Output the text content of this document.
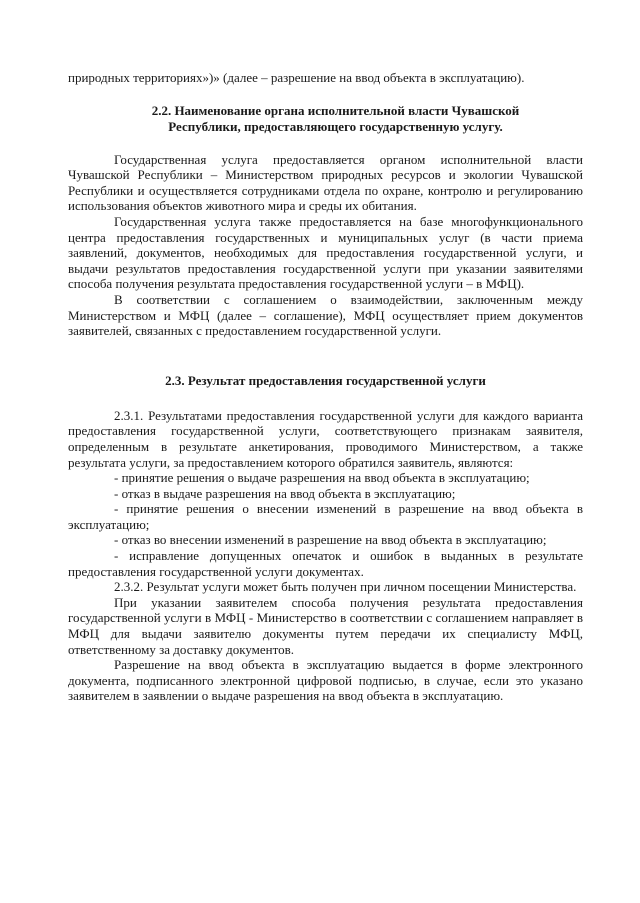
природных территориях»)» (далее – разрешение на ввод объекта в эксплуатацию).

2.2. Наименование органа исполнительной власти Чувашской
Республики, предоставляющего государственную услугу.

Государственная услуга предоставляется органом исполнительной власти Чувашской Республики – Министерством природных ресурсов и экологии Чувашской Республики и осуществляется сотрудниками отдела по охране, контролю и регулированию использования объектов животного мира и среды их обитания.

Государственная услуга также предоставляется на базе многофункционального центра предоставления государственных и муниципальных услуг (в части приема заявлений, документов, необходимых для предоставления государственной услуги, и выдачи результатов предоставления государственной услуги при указании заявителями способа получения результата предоставления государственной услуги – в МФЦ).

В соответствии с соглашением о взаимодействии, заключенным между Министерством и МФЦ (далее – соглашение), МФЦ осуществляет прием документов заявителей, связанных с предоставлением государственной услуги.

2.3. Результат предоставления государственной услуги

2.3.1. Результатами предоставления государственной услуги для каждого варианта предоставления государственной услуги, соответствующего признакам заявителя, определенным в результате анкетирования, проводимого Министерством, а также результата услуги, за предоставлением которого обратился заявитель, являются:

- принятие решения о выдаче разрешения на ввод объекта в эксплуатацию;

- отказ в выдаче разрешения на ввод объекта в эксплуатацию;

- принятие решения о внесении изменений в разрешение на ввод объекта в эксплуатацию;

- отказ во внесении изменений в разрешение на ввод объекта в эксплуатацию;

- исправление допущенных опечаток и ошибок в выданных в результате предоставления государственной услуги документах.

2.3.2. Результат услуги может быть получен при личном посещении Министерства.

При указании заявителем способа получения результата предоставления государственной услуги в МФЦ - Министерство в соответствии с соглашением направляет в МФЦ для выдачи заявителю документы путем передачи их специалисту МФЦ, ответственному за доставку документов.

Разрешение на ввод объекта в эксплуатацию выдается в форме электронного документа, подписанного электронной цифровой подписью, в случае, если это указано заявителем в заявлении о выдаче разрешения на ввод объекта в эксплуатацию.
